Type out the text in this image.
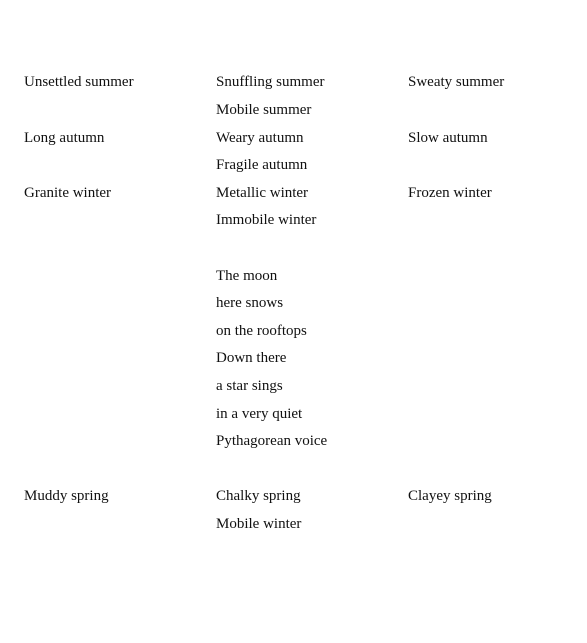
Unsettled summer	Snuffling summer	Sweaty summer
Mobile summer
Long autumn	Weary autumn	Slow autumn
Fragile autumn
Granite winter	Metallic winter	Frozen winter
Immobile winter
The moon
here snows
on the rooftops
Down there
a star sings
in a very quiet
Pythagorean voice
Muddy spring	Chalky spring	Clayey spring
Mobile winter
